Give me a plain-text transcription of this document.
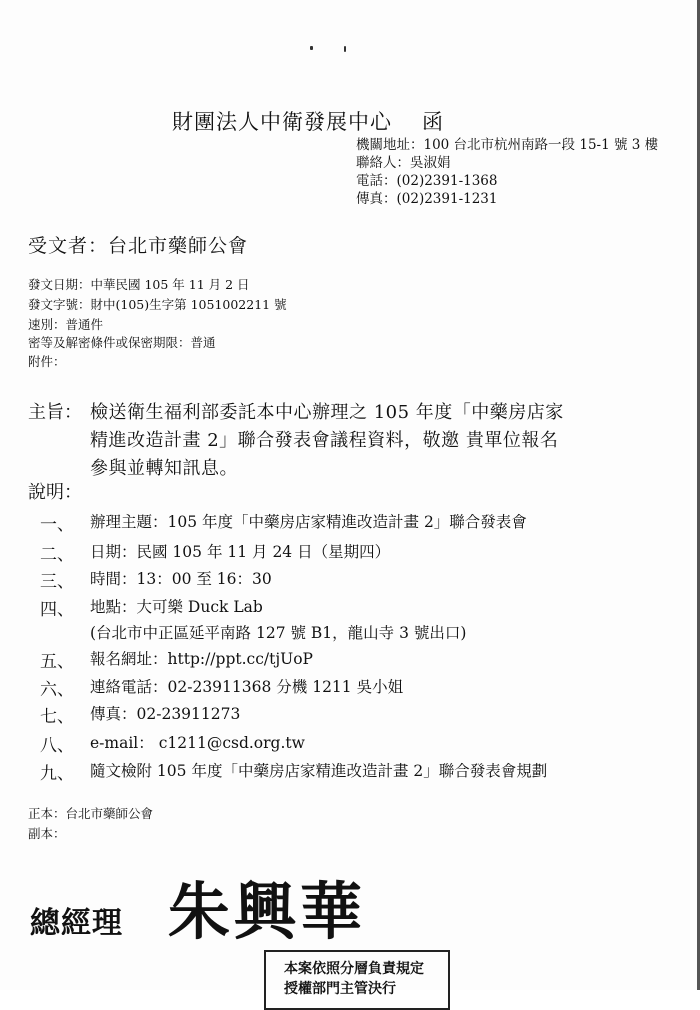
財團法人中衛發展中心 函
機關地址：100 台北市杭州南路一段 15-1 號 3 樓
聯絡人：吳淑娟
電話：(02)2391-1368
傳真：(02)2391-1231
受文者：台北市藥師公會
發文日期：中華民國 105 年 11 月 2 日
發文字號：財中(105)生字第 1051002211 號
速別：普通件
密等及解密條件或保密期限：普通
附件：
主旨： 檢送衛生福利部委託本中心辦理之 105 年度「中藥房店家
精進改造計畫 2」聯合發表會議程資料，敬邀 貴單位報名
參與並轉知訊息。
說明：
一、 辦理主題：105 年度「中藥房店家精進改造計畫 2」聯合發表會
二、 日期：民國 105 年 11 月 24 日（星期四）
三、 時間：13：00 至 16：30
四、 地點：大可樂 Duck Lab
(台北市中正區延平南路 127 號 B1，龍山寺 3 號出口)
五、 報名網址：http://ppt.cc/tjUoP
六、 連絡電話：02-23911368 分機 1211 吳小姐
七、 傳真：02-23911273
八、 e-mail： c1211@csd.org.tw
九、 隨文檢附 105 年度「中藥房店家精進改造計畫 2」聯合發表會規劃
正本：台北市藥師公會
副本：
總經理 朱興華
本案依照分層負責規定
授權部門主管決行
